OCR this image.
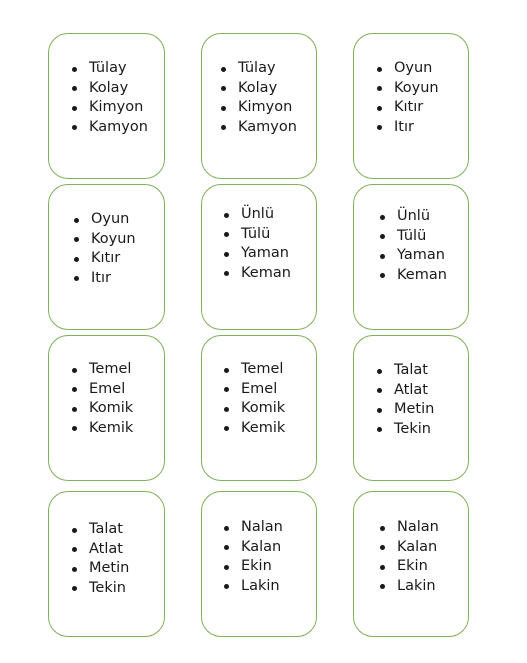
Tülay
Kolay
Kimyon
Kamyon
Tülay
Kolay
Kimyon
Kamyon
Oyun
Koyun
Kıtır
Itır
Oyun
Koyun
Kıtır
Itır
Ünlü
Tülü
Yaman
Keman
Ünlü
Tülü
Yaman
Keman
Temel
Emel
Komik
Kemik
Temel
Emel
Komik
Kemik
Talat
Atlat
Metin
Tekin
Talat
Atlat
Metin
Tekin
Nalan
Kalan
Ekin
Lakin
Nalan
Kalan
Ekin
Lakin
